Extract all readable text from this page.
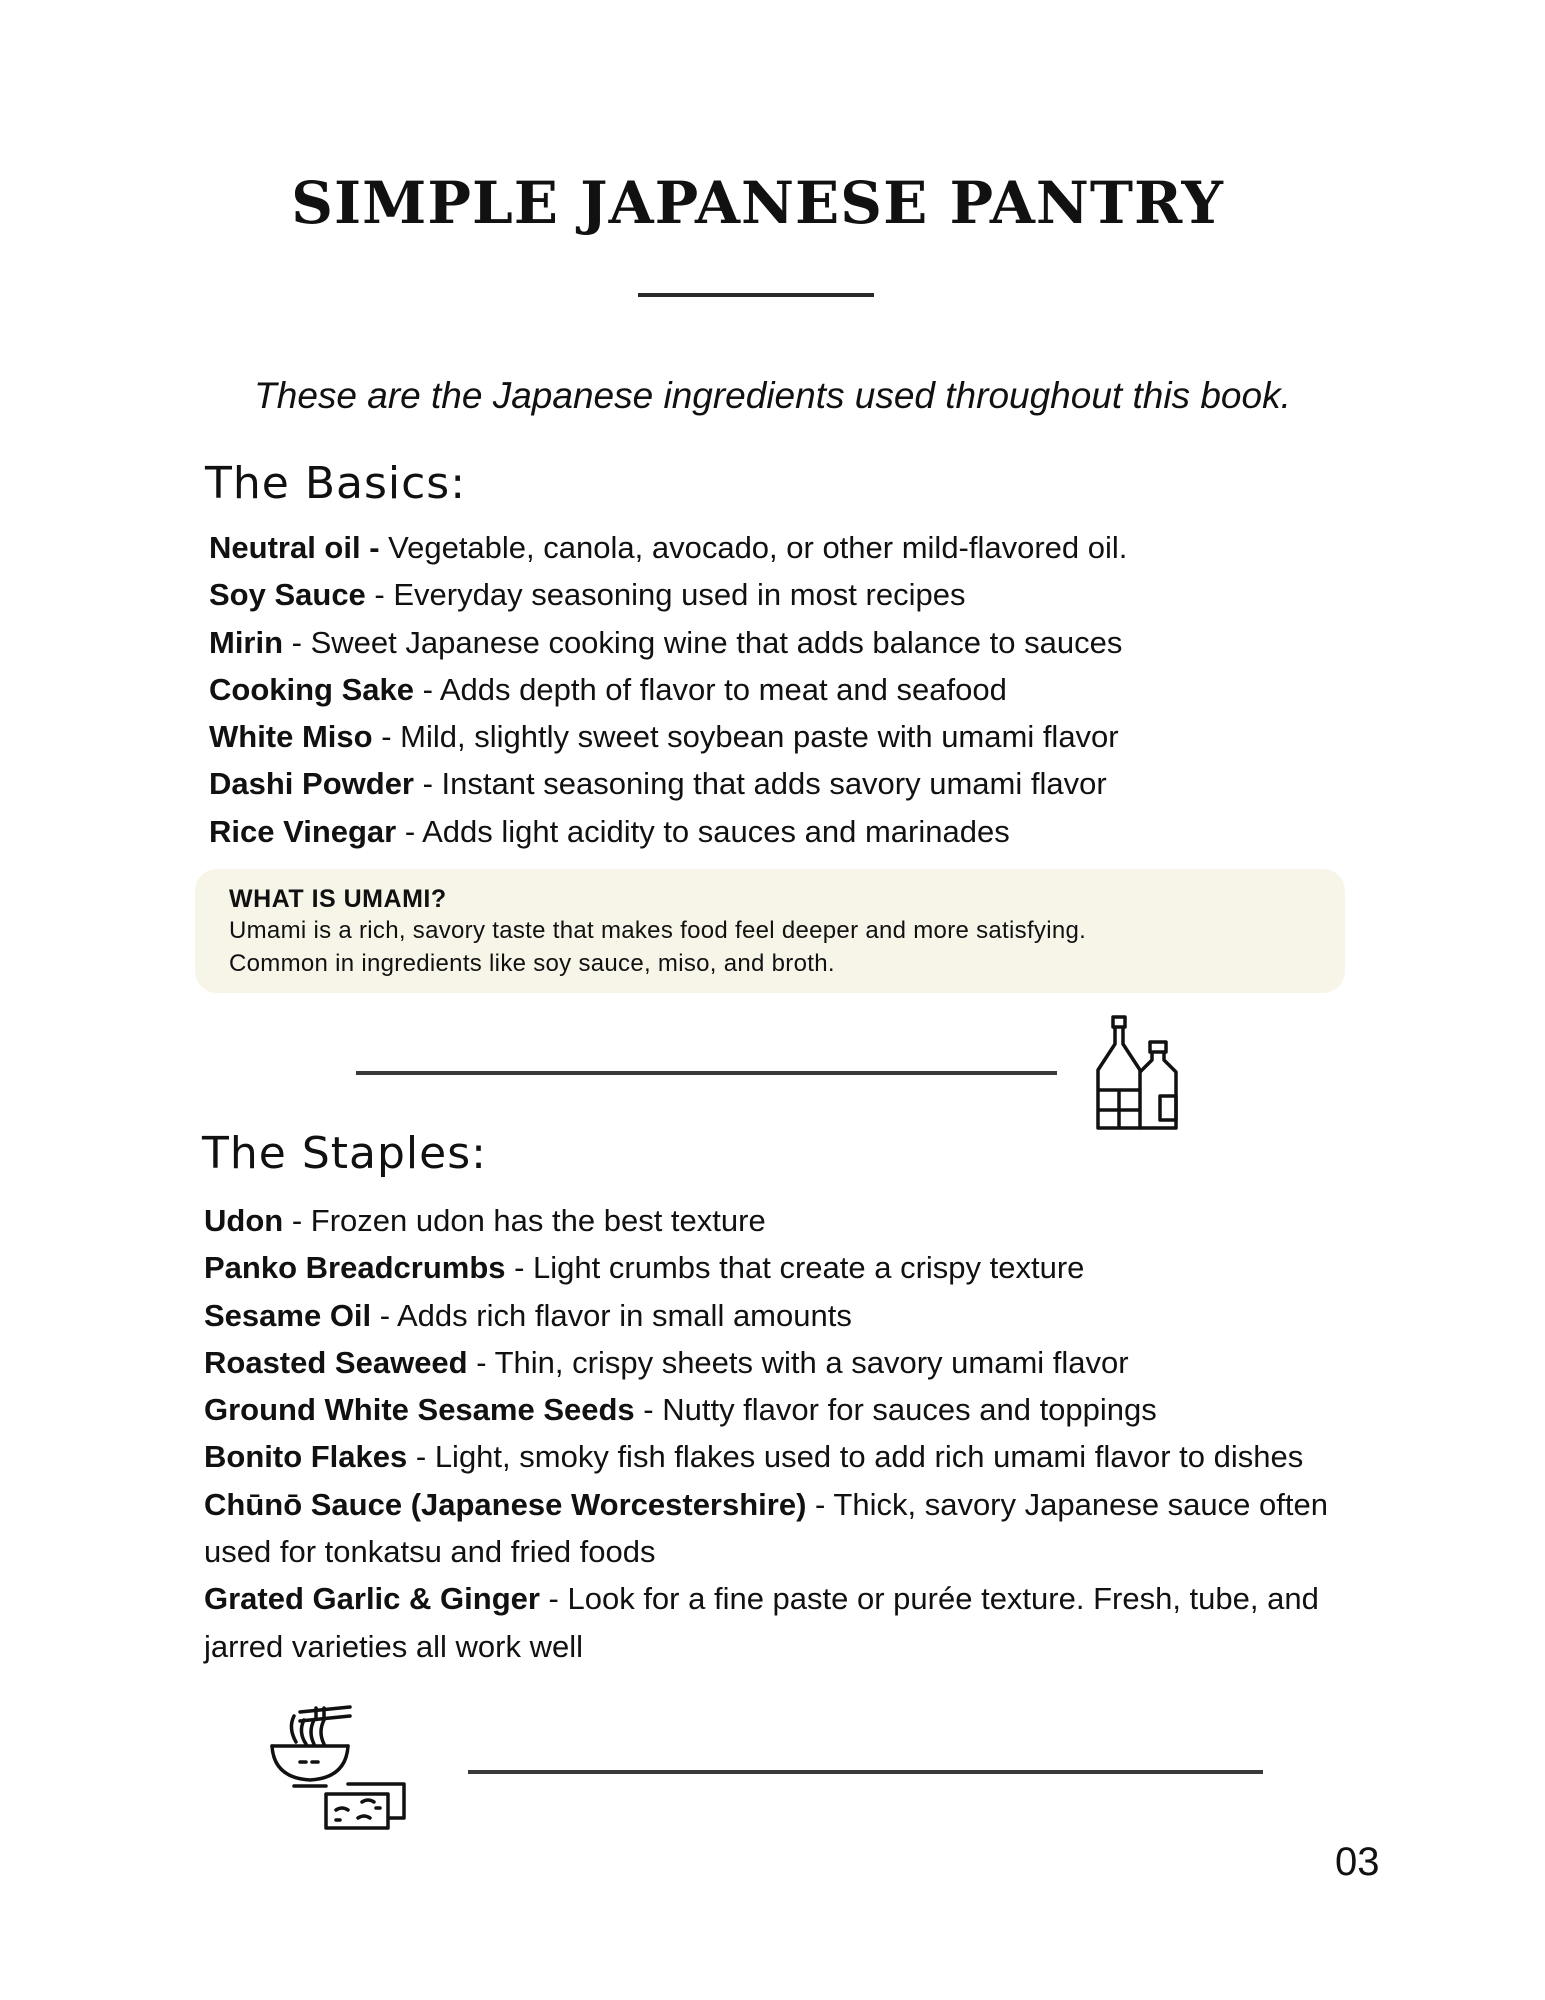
SIMPLE JAPANESE PANTRY
These are the Japanese ingredients used throughout this book.
The Basics:
Neutral oil - Vegetable, canola, avocado, or other mild-flavored oil.
Soy Sauce - Everyday seasoning used in most recipes
Mirin - Sweet Japanese cooking wine that adds balance to sauces
Cooking Sake - Adds depth of flavor to meat and seafood
White Miso - Mild, slightly sweet soybean paste with umami flavor
Dashi Powder - Instant seasoning that adds savory umami flavor
Rice Vinegar - Adds light acidity to sauces and marinades
WHAT IS UMAMI?
Umami is a rich, savory taste that makes food feel deeper and more satisfying.
Common in ingredients like soy sauce, miso, and broth.
The Staples:
Udon - Frozen udon has the best texture
Panko Breadcrumbs - Light crumbs that create a crispy texture
Sesame Oil - Adds rich flavor in small amounts
Roasted Seaweed - Thin, crispy sheets with a savory umami flavor
Ground White Sesame Seeds - Nutty flavor for sauces and toppings
Bonito Flakes - Light, smoky fish flakes used to add rich umami flavor to dishes
Chūnō Sauce (Japanese Worcestershire) - Thick, savory Japanese sauce often used for tonkatsu and fried foods
Grated Garlic & Ginger - Look for a fine paste or purée texture. Fresh, tube, and jarred varieties all work well
03
